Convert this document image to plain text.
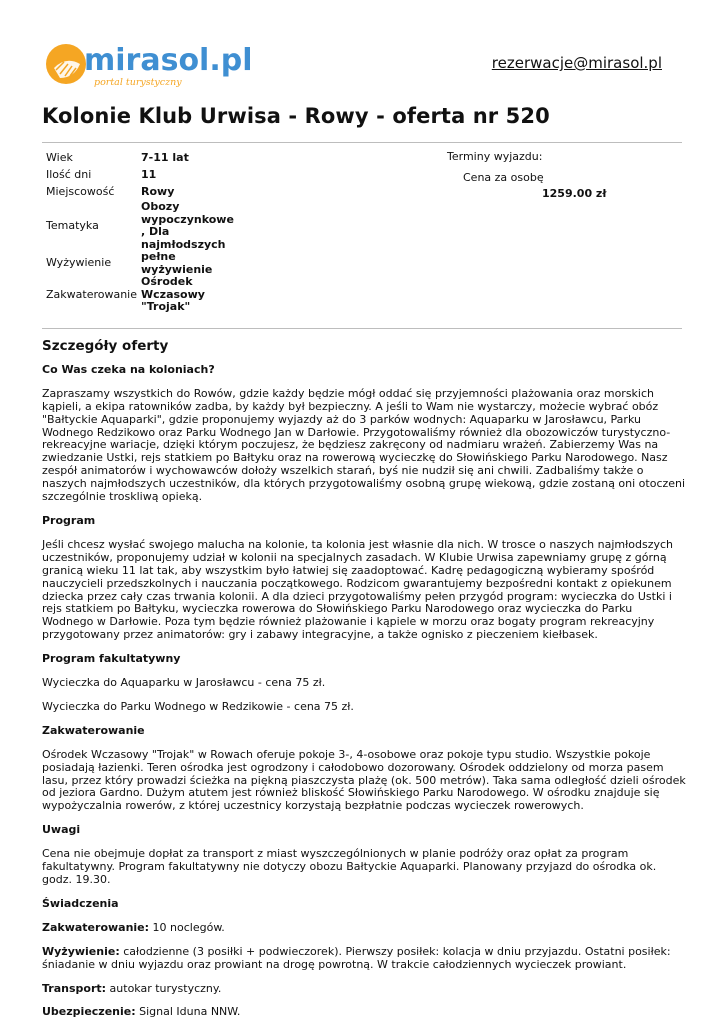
mirasol.pl
portal turystyczny
rezerwacje@mirasol.pl
Kolonie Klub Urwisa - Rowy - oferta nr 520
Wiek	7-11 lat
Ilość dni	11
Miejscowość	Rowy
Tematyka	Obozy wypoczynkowe , Dla najmłodszych
Wyżywienie	pełne wyżywienie
Zakwaterowanie	Ośrodek Wczasowy "Trojak"
Terminy wyjazdu:
Cena za osobę
1259.00 zł
Szczegóły oferty
Co Was czeka na koloniach?

Zapraszamy wszystkich do Rowów, gdzie każdy będzie mógł oddać się przyjemności plażowania oraz morskich kąpieli, a ekipa ratowników zadba, by każdy był bezpieczny. A jeśli to Wam nie wystarczy, możecie wybrać obóz "Bałtyckie Aquaparki", gdzie proponujemy wyjazdy aż do 3 parków wodnych: Aquaparku w Jarosławcu, Parku Wodnego Redzikowo oraz Parku Wodnego Jan w Darłowie. Przygotowaliśmy również dla obozowiczów turystyczno-rekreacyjne wariacje, dzięki którym poczujesz, że będziesz zakręcony od nadmiaru wrażeń. Zabierzemy Was na zwiedzanie Ustki, rejs statkiem po Bałtyku oraz na rowerową wycieczkę do Słowińskiego Parku Narodowego. Nasz zespół animatorów i wychowawców dołoży wszelkich starań, byś nie nudził się ani chwili. Zadbaliśmy także o naszych najmłodszych uczestników, dla których przygotowaliśmy osobną grupę wiekową, gdzie zostaną oni otoczeni szczególnie troskliwą opieką.

Program

Jeśli chcesz wysłać swojego malucha na kolonie, ta kolonia jest własnie dla nich. W trosce o naszych najmłodszych uczestników, proponujemy udział w kolonii na specjalnych zasadach. W Klubie Urwisa zapewniamy grupę z górną granicą wieku 11 lat tak, aby wszystkim było łatwiej się zaadoptować. Kadrę pedagogiczną wybieramy spośród nauczycieli przedszkolnych i nauczania początkowego. Rodzicom gwarantujemy bezpośredni kontakt z opiekunem dziecka przez cały czas trwania kolonii. A dla dzieci przygotowaliśmy pełen przygód program: wycieczka do Ustki i rejs statkiem po Bałtyku, wycieczka rowerowa do Słowińskiego Parku Narodowego oraz wycieczka do Parku Wodnego w Darłowie. Poza tym będzie również plażowanie i kąpiele w morzu oraz bogaty program rekreacyjny przygotowany przez animatorów: gry i zabawy integracyjne, a także ognisko z pieczeniem kiełbasek.

Program fakultatywny

Wycieczka do Aquaparku w Jarosławcu - cena 75 zł.

Wycieczka do Parku Wodnego w Redzikowie - cena 75 zł.

Zakwaterowanie

Ośrodek Wczasowy "Trojak" w Rowach oferuje pokoje 3-, 4-osobowe oraz pokoje typu studio. Wszystkie pokoje posiadają łazienki. Teren ośrodka jest ogrodzony i całodobowo dozorowany. Ośrodek oddzielony od morza pasem lasu, przez który prowadzi ścieżka na piękną piaszczysta plażę (ok. 500 metrów). Taka sama odległość dzieli ośrodek od jeziora Gardno. Dużym atutem jest również bliskość Słowińskiego Parku Narodowego. W ośrodku znajduje się wypożyczalnia rowerów, z której uczestnicy korzystają bezpłatnie podczas wycieczek rowerowych.

Uwagi

Cena nie obejmuje dopłat za transport z miast wyszczególnionych w planie podróży oraz opłat za program fakultatywny. Program fakultatywny nie dotyczy obozu Bałtyckie Aquaparki. Planowany przyjazd do ośrodka ok. godz. 19.30.

Świadczenia

Zakwaterowanie: 10 noclegów.

Wyżywienie: całodzienne (3 posiłki + podwieczorek). Pierwszy posiłek: kolacja w dniu przyjazdu. Ostatni posiłek: śniadanie w dniu wyjazdu oraz prowiant na drogę powrotną. W trakcie całodziennych wycieczek prowiant.

Transport: autokar turystyczny.

Ubezpieczenie: Signal Iduna NNW.
